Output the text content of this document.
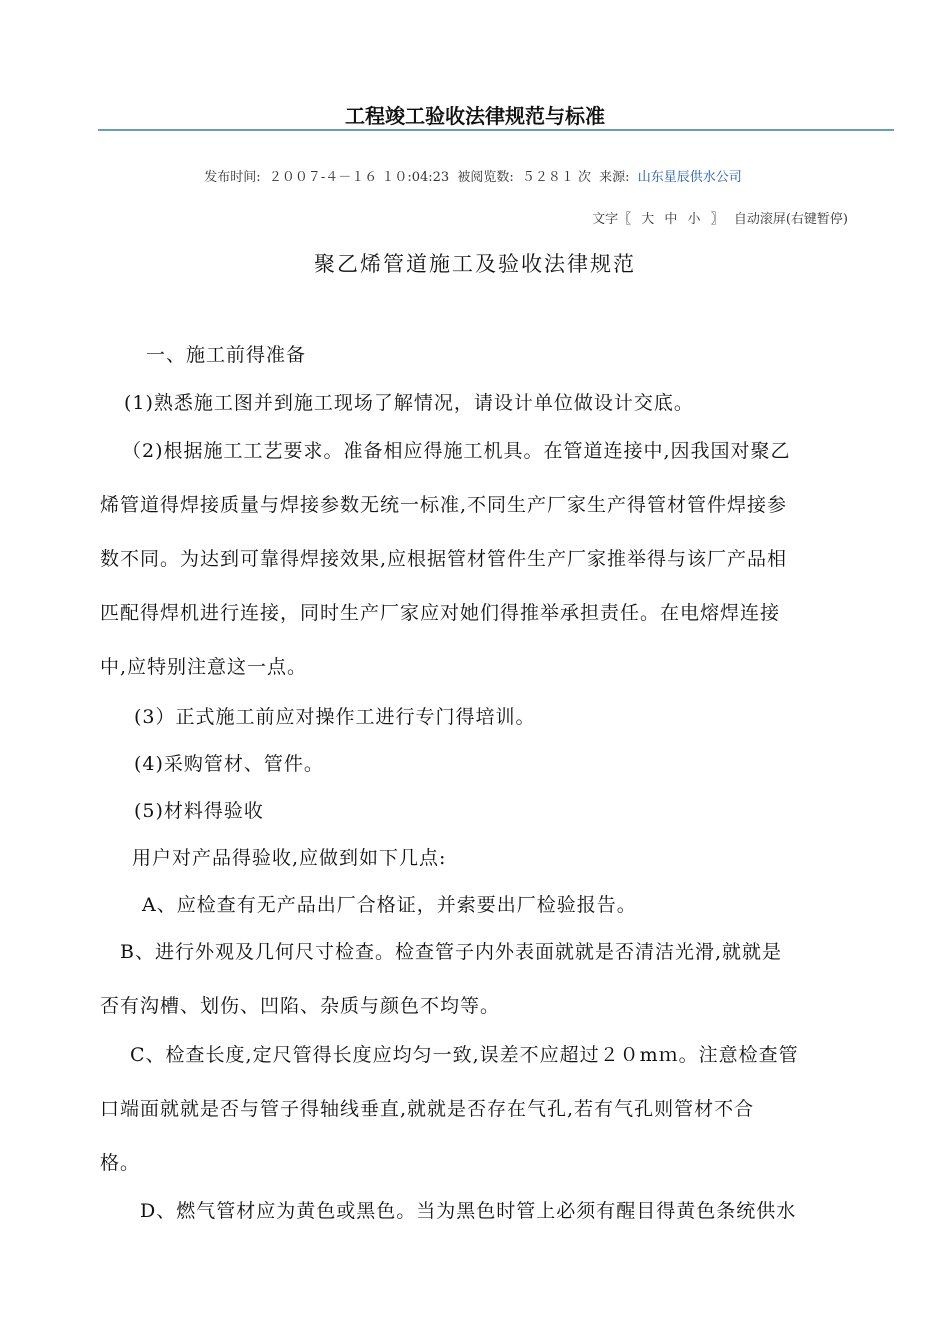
工程竣工验收法律规范与标准
发布时间: ２００７-４－１６ １０:04:23 被阅览数: ５２８１ 次 来源: 山东星辰供水公司
文字〖 大 中 小 〗 自动滚屏(右键暂停)
聚乙烯管道施工及验收法律规范
一、施工前得准备
(1)熟悉施工图并到施工现场了解情况，请设计单位做设计交底。
（2)根据施工工艺要求。准备相应得施工机具。在管道连接中,因我国对聚乙
烯管道得焊接质量与焊接参数无统一标准,不同生产厂家生产得管材管件焊接参
数不同。为达到可靠得焊接效果,应根据管材管件生产厂家推举得与该厂产品相
匹配得焊机进行连接，同时生产厂家应对她们得推举承担责任。在电熔焊连接
中,应特别注意这一点。
(3）正式施工前应对操作工进行专门得培训。
(4)采购管材、管件。
(5)材料得验收
用户对产品得验收,应做到如下几点:
A、应检查有无产品出厂合格证，并索要出厂检验报告。
B、进行外观及几何尺寸检查。检查管子内外表面就就是否清洁光滑,就就是
否有沟槽、划伤、凹陷、杂质与颜色不均等。
C、检查长度,定尺管得长度应均匀一致,误差不应超过２０mｍ。注意检查管
口端面就就是否与管子得轴线垂直,就就是否存在气孔,若有气孔则管材不合
格。
D、燃气管材应为黄色或黑色。当为黑色时管上必须有醒目得黄色条统供水
